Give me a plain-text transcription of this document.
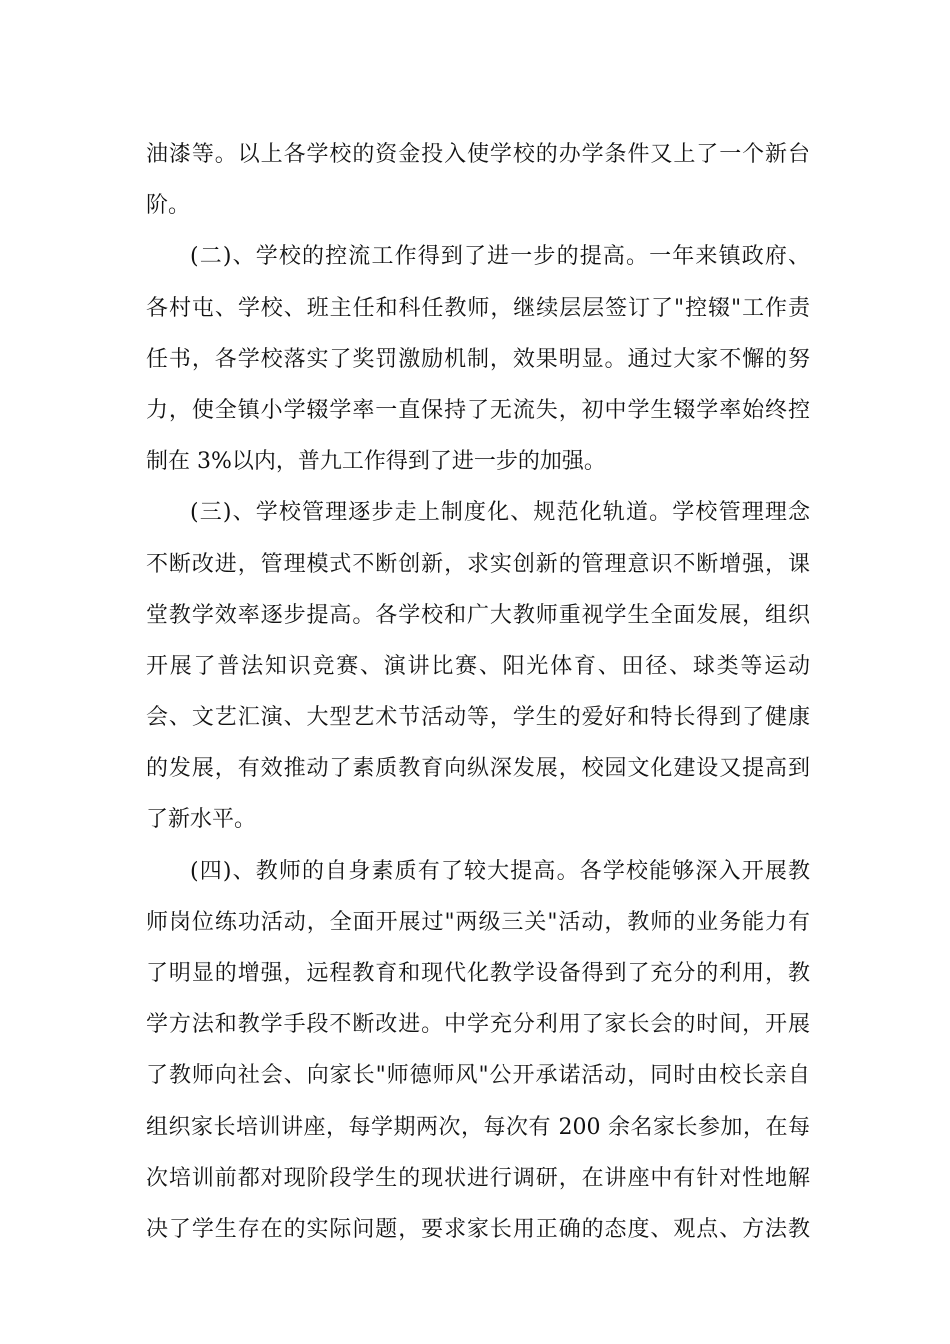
油漆等。以上各学校的资金投入使学校的办学条件又上了一个新台
阶。
(二)、学校的控流工作得到了进一步的提高。一年来镇政府、
各村屯、学校、班主任和科任教师，继续层层签订了"控辍"工作责
任书，各学校落实了奖罚激励机制，效果明显。通过大家不懈的努
力，使全镇小学辍学率一直保持了无流失，初中学生辍学率始终控
制在 3%以内，普九工作得到了进一步的加强。
(三)、学校管理逐步走上制度化、规范化轨道。学校管理理念
不断改进，管理模式不断创新，求实创新的管理意识不断增强，课
堂教学效率逐步提高。各学校和广大教师重视学生全面发展，组织
开展了普法知识竞赛、演讲比赛、阳光体育、田径、球类等运动
会、文艺汇演、大型艺术节活动等，学生的爱好和特长得到了健康
的发展，有效推动了素质教育向纵深发展，校园文化建设又提高到
了新水平。
(四)、教师的自身素质有了较大提高。各学校能够深入开展教
师岗位练功活动，全面开展过"两级三关"活动，教师的业务能力有
了明显的增强，远程教育和现代化教学设备得到了充分的利用，教
学方法和教学手段不断改进。中学充分利用了家长会的时间，开展
了教师向社会、向家长"师德师风"公开承诺活动，同时由校长亲自
组织家长培训讲座，每学期两次，每次有 200 余名家长参加，在每
次培训前都对现阶段学生的现状进行调研，在讲座中有针对性地解
决了学生存在的实际问题，要求家长用正确的态度、观点、方法教
